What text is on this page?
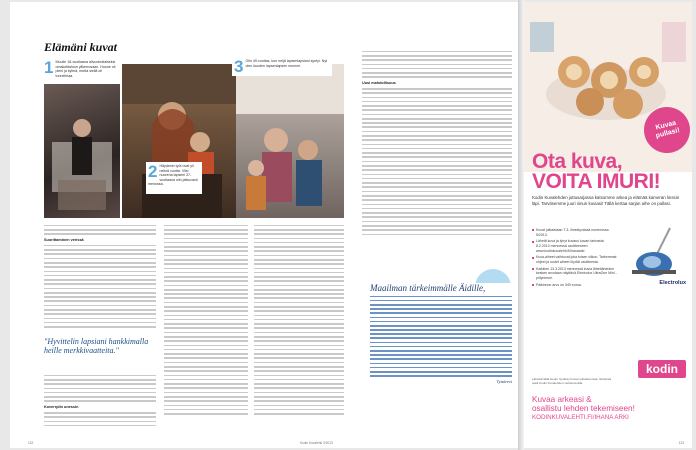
Elämäni kuvat
1 Muutin 16-vuotiaana alivuokralaiseksi omakotitaloon ylikerrosaan. Huone oli pieni ja kylmä, mutta siellä oli tunnelmaa.
2 Häydenin työt ovat yli nelinä vuotta. Viisi nuorena lapseni 37-vuotiaana olin jatkuvasti menossa.
3 Olin 49-vuotias, kun neljä lapsenlapsiani syntyi. Nyt olen kuuden lapsenlapsen mummi.
Suorittaminen verissä
"Hyvittelin lapsiani hankkimalla heille merkkivaatteita."
Koverrplin unessin
122	Kodin Kuvalehti 3/2013
Uusi mahdollisuus
Maailman tärkeimmälle Äidille,
Tyttäresi
Kuvaa pullasi!
Ota kuva,
VOITA IMURI!
Kodin Kuvalehden juttusarjassa katsomme arkea ja elämää kameran linssin läpi. Tarvitsemme juuri sinun kuviasi! Tällä kertaa sarjan aihe on pullasi.
Kuvat julkaistaan 7.3. ilmestyvässä numerossa 5/2013.
Lähetä kuva ja lyhyt kuvaus kuvan tarinasta 8.2.2013 mennessä osoitteeseen www.kodinkuvalehti.fi/ihanaarki
Kuva-aiheet vaihtuvat joka toisen viikon. Tarkemmat ohjeet ja uudet aiheet löydät osoitteesta.
Kaikkien 13.3.2013 mennessä kuvia lähettäneiden kesken arvotaan näyttävä Electrolux UltraOne Mini -pölynimuri.
Palkinnon arvo on 349 euroa.	Electrolux
Lähettämällä kuvan hyväksyt kuvan julkaisemisen lehdessä sekä Kodin Kuvalehden verkkosivuilla.
kodin
Kuvaa arkeasi &
osallistu lehden tekemiseen!
KODINKUVALEHTI.FI/IHANA ARKI
123
